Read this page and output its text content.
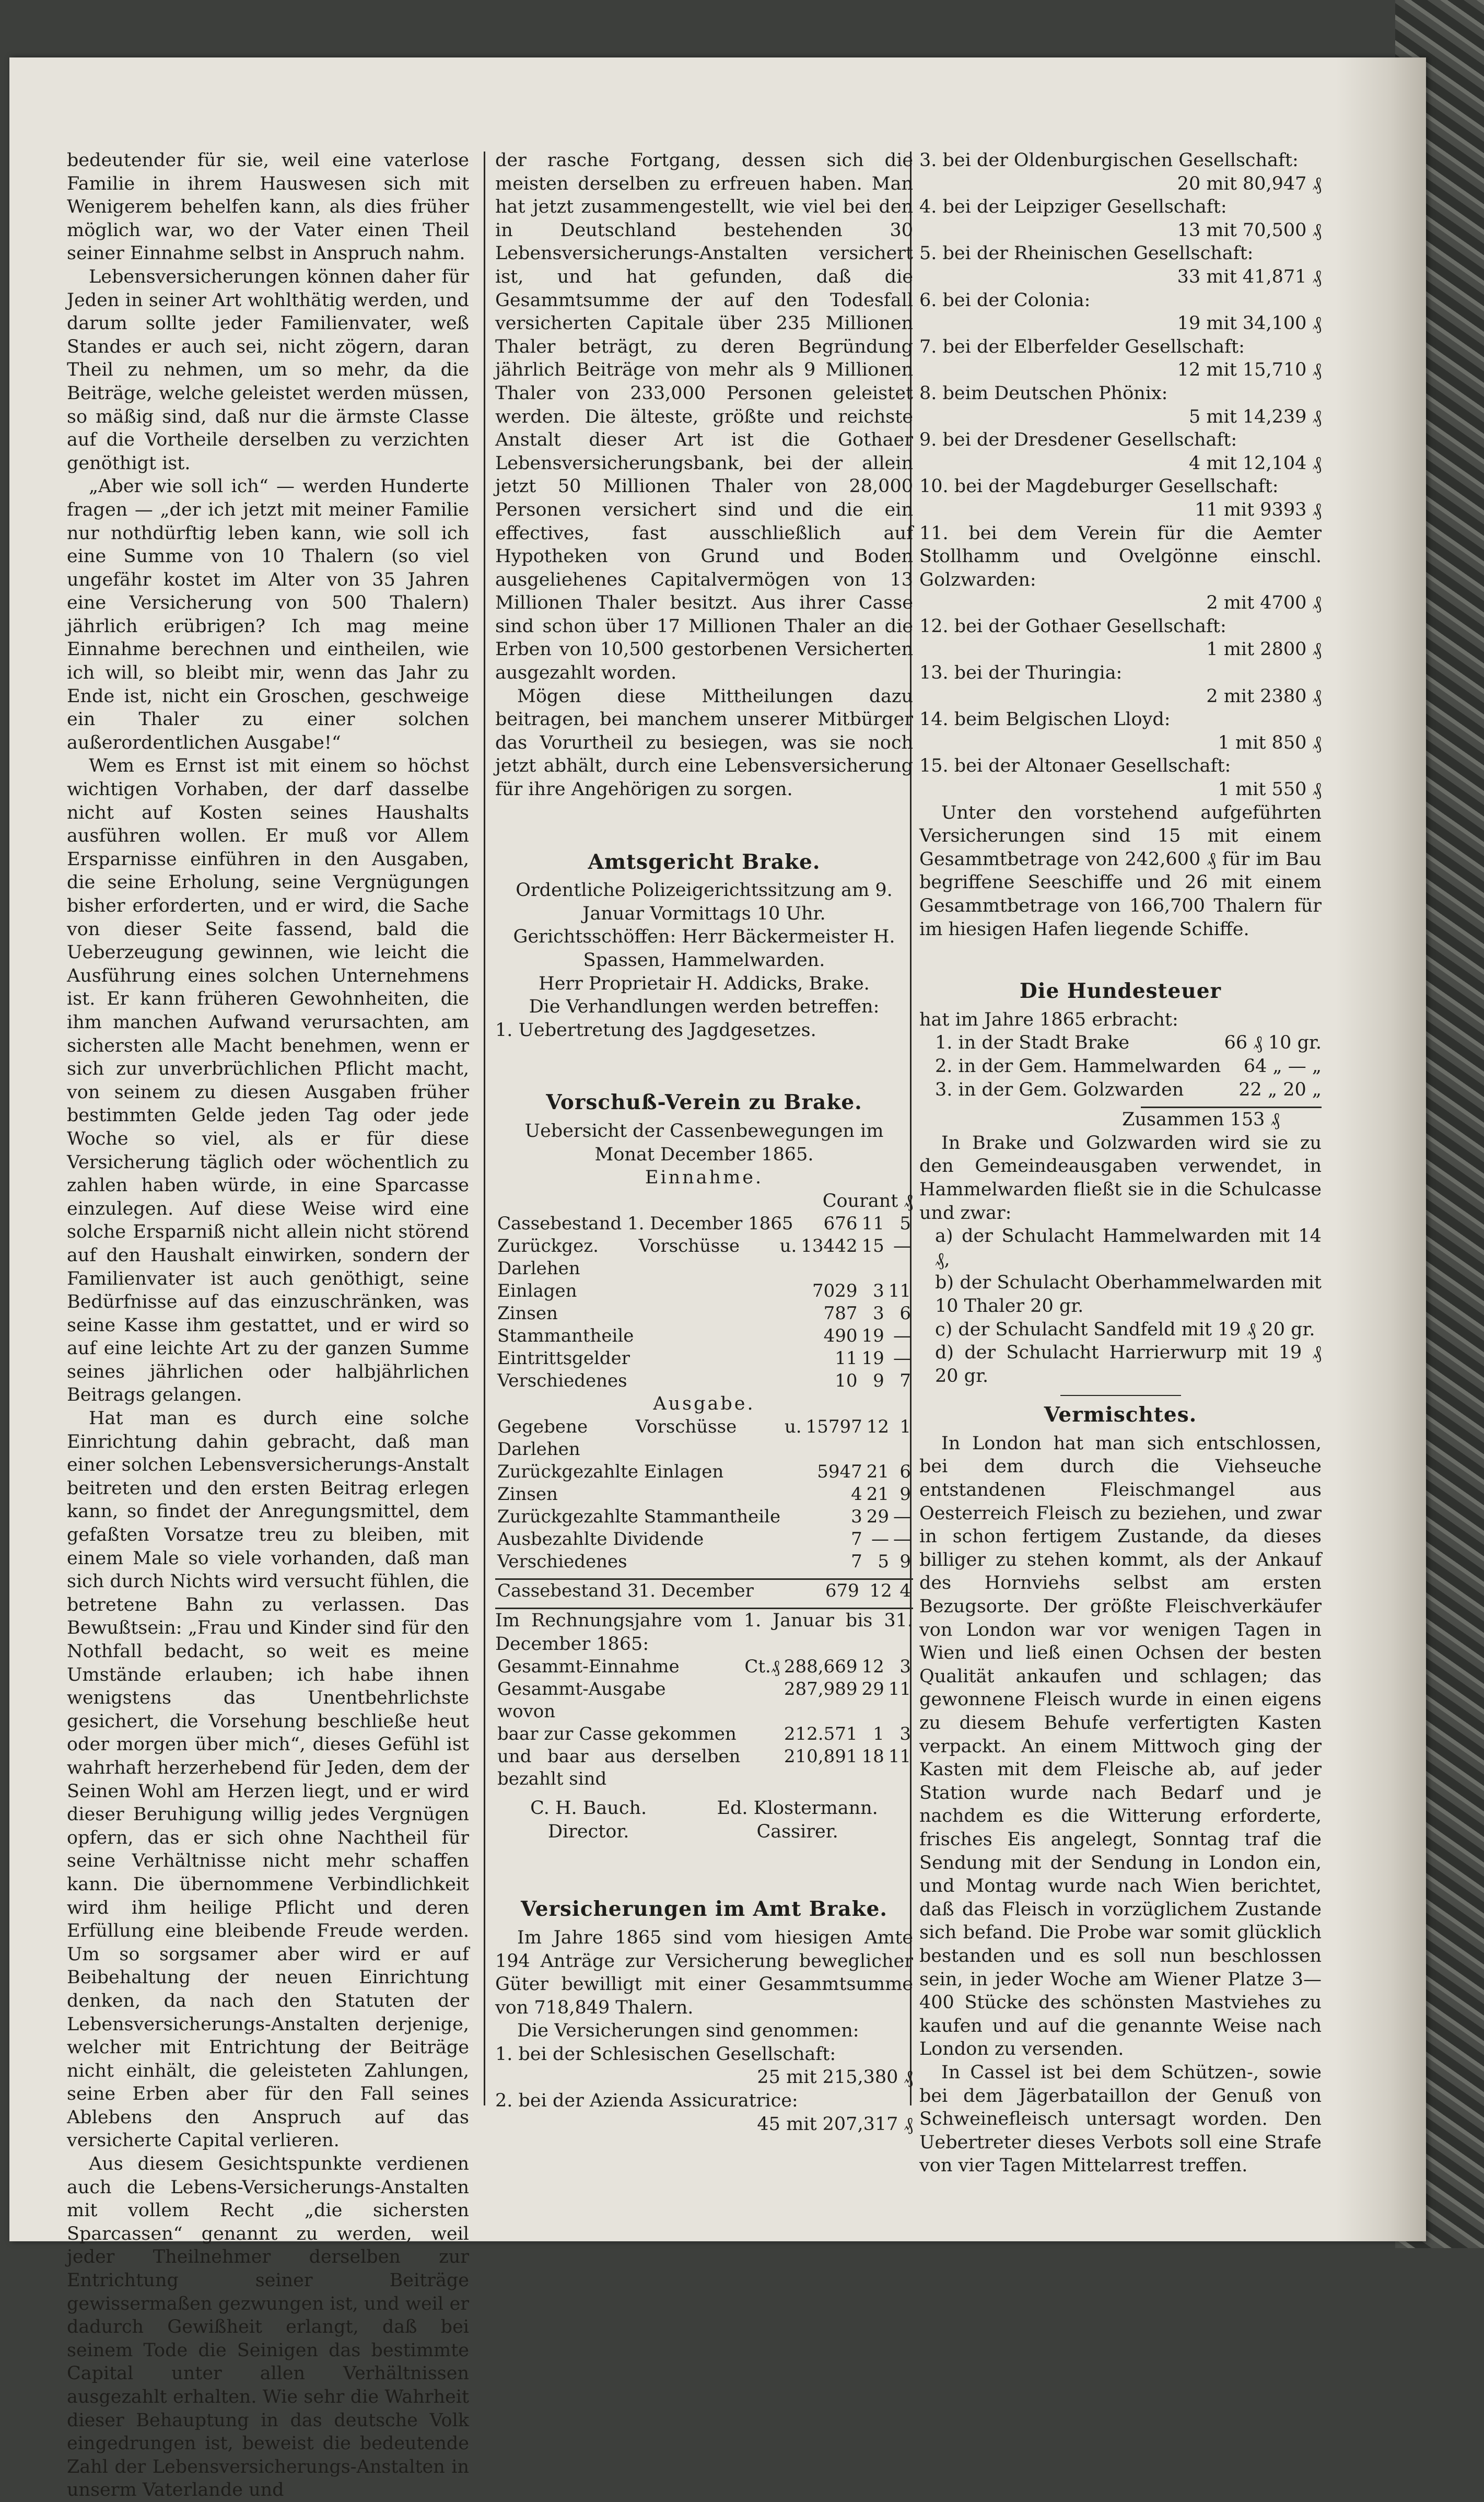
bedeutender für sie, weil eine vaterlose Familie in ihrem Hauswesen sich mit Wenigerem behelfen kann, als dies früher möglich war, wo der Vater einen Theil seiner Einnahme selbst in Anspruch nahm.

Lebensversicherungen können daher für Jeden in seiner Art wohlthätig werden, und darum sollte jeder Familienvater, weß Standes er auch sei, nicht zögern, daran Theil zu nehmen, um so mehr, da die Beiträge, welche geleistet werden müssen, so mäßig sind, daß nur die ärmste Classe auf die Vortheile derselben zu verzichten genöthigt ist.

„Aber wie soll ich“ — werden Hunderte fragen — „der ich jetzt mit meiner Familie nur nothdürftig leben kann, wie soll ich eine Summe von 10 Thalern (so viel ungefähr kostet im Alter von 35 Jahren eine Versicherung von 500 Thalern) jährlich erübrigen? Ich mag meine Einnahme berechnen und eintheilen, wie ich will, so bleibt mir, wenn das Jahr zu Ende ist, nicht ein Groschen, geschweige ein Thaler zu einer solchen außerordentlichen Ausgabe!“

Wem es Ernst ist mit einem so höchst wichtigen Vorhaben, der darf dasselbe nicht auf Kosten seines Haushalts ausführen wollen. Er muß vor Allem Ersparnisse einführen in den Ausgaben, die seine Erholung, seine Vergnügungen bisher erforderten, und er wird, die Sache von dieser Seite fassend, bald die Ueberzeugung gewinnen, wie leicht die Ausführung eines solchen Unternehmens ist. Er kann früheren Gewohnheiten, die ihm manchen Aufwand verursachten, am sichersten alle Macht benehmen, wenn er sich zur unverbrüchlichen Pflicht macht, von seinem zu diesen Ausgaben früher bestimmten Gelde jeden Tag oder jede Woche so viel, als er für diese Versicherung täglich oder wöchentlich zu zahlen haben würde, in eine Sparcasse einzulegen. Auf diese Weise wird eine solche Ersparniß nicht allein nicht störend auf den Haushalt einwirken, sondern der Familienvater ist auch genöthigt, seine Bedürfnisse auf das einzuschränken, was seine Kasse ihm gestattet, und er wird so auf eine leichte Art zu der ganzen Summe seines jährlichen oder halbjährlichen Beitrags gelangen.

Hat man es durch eine solche Einrichtung dahin gebracht, daß man einer solchen Lebensversicherungs-Anstalt beitreten und den ersten Beitrag erlegen kann, so findet der Anregungsmittel, dem gefaßten Vorsatze treu zu bleiben, mit einem Male so viele vorhanden, daß man sich durch Nichts wird versucht fühlen, die betretene Bahn zu verlassen. Das Bewußtsein: „Frau und Kinder sind für den Nothfall bedacht, so weit es meine Umstände erlauben; ich habe ihnen wenigstens das Unentbehrlichste gesichert, die Vorsehung beschließe heut oder morgen über mich“, dieses Gefühl ist wahrhaft herzerhebend für Jeden, dem der Seinen Wohl am Herzen liegt, und er wird dieser Beruhigung willig jedes Vergnügen opfern, das er sich ohne Nachtheil für seine Verhältnisse nicht mehr schaffen kann. Die übernommene Verbindlichkeit wird ihm heilige Pflicht und deren Erfüllung eine bleibende Freude werden. Um so sorgsamer aber wird er auf Beibehaltung der neuen Einrichtung denken, da nach den Statuten der Lebensversicherungs-Anstalten derjenige, welcher mit Entrichtung der Beiträge nicht einhält, die geleisteten Zahlungen, seine Erben aber für den Fall seines Ablebens den Anspruch auf das versicherte Capital verlieren.

Aus diesem Gesichtspunkte verdienen auch die Lebens-Versicherungs-Anstalten mit vollem Recht „die sichersten Sparcassen“ genannt zu werden, weil jeder Theilnehmer derselben zur Entrichtung seiner Beiträge gewissermaßen gezwungen ist, und weil er dadurch Gewißheit erlangt, daß bei seinem Tode die Seinigen das bestimmte Capital unter allen Verhältnissen ausgezahlt erhalten. Wie sehr die Wahrheit dieser Behauptung in das deutsche Volk eingedrungen ist, beweist die bedeutende Zahl der Lebensversicherungs-Anstalten in unserm Vaterlande und

der rasche Fortgang, dessen sich die meisten derselben zu erfreuen haben. Man hat jetzt zusammengestellt, wie viel bei den in Deutschland bestehenden 30 Lebensversicherungs-Anstalten versichert ist, und hat gefunden, daß die Gesammtsumme der auf den Todesfall versicherten Capitale über 235 Millionen Thaler beträgt, zu deren Begründung jährlich Beiträge von mehr als 9 Millionen Thaler von 233,000 Personen geleistet werden. Die älteste, größte und reichste Anstalt dieser Art ist die Gothaer Lebensversicherungsbank, bei der allein jetzt 50 Millionen Thaler von 28,000 Personen versichert sind und die ein effectives, fast ausschließlich auf Hypotheken von Grund und Boden ausgeliehenes Capitalvermögen von 13 Millionen Thaler besitzt. Aus ihrer Casse sind schon über 17 Millionen Thaler an die Erben von 10,500 gestorbenen Versicherten ausgezahlt worden.

Mögen diese Mittheilungen dazu beitragen, bei manchem unserer Mitbürger das Vorurtheil zu besiegen, was sie noch jetzt abhält, durch eine Lebensversicherung für ihre Angehörigen zu sorgen.

Amtsgericht Brake.

Ordentliche Polizeigerichtssitzung am 9. Januar Vormittags 10 Uhr.

Gerichtsschöffen: Herr Bäckermeister H. Spassen, Hammelwarden.

Herr Proprietair H. Addicks, Brake.

Die Verhandlungen werden betreffen:

1. Uebertretung des Jagdgesetzes.

Vorschuß-Verein zu Brake.

Uebersicht der Cassenbewegungen im Monat December 1865.

Einnahme.

Courant ₰
Cassebestand 1. December 1865	676	11	5
Zurückgez. Vorschüsse u. Darlehen	13442	15	—
Einlagen	7029	3	11
Zinsen	787	3	6
Stammantheile	490	19	—
Eintrittsgelder	11	19	—
Verschiedenes	10	9	7

Ausgabe.

Gegebene Vorschüsse u. Darlehen	15797	12	1
Zurückgezahlte Einlagen	5947	21	6
Zinsen	4	21	9
Zurückgezahlte Stammantheile	3	29	—
Ausbezahlte Dividende	7	—	—
Verschiedenes	7	5	9
Cassebestand 31. December	679	12	4

Im Rechnungsjahre vom 1. Januar bis 31. December 1865:

Gesammt-Einnahme	Ct.₰	288,669	12	3
Gesammt-Ausgabe		287,989	29	11
wovon				
baar zur Casse gekommen		212.571	1	3
und baar aus derselben bezahlt sind		210,891	18	11
C. H. Bauch.
Director.
Ed. Klostermann.
Cassirer.
Versicherungen im Amt Brake.

Im Jahre 1865 sind vom hiesigen Amte 194 Anträge zur Versicherung beweglicher Güter bewilligt mit einer Gesammtsumme von 718,849 Thalern.

Die Versicherungen sind genommen:

1. bei der Schlesischen Gesellschaft:
25 mit 215,380 ₰
2. bei der Azienda Assicuratrice:
45 mit 207,317 ₰
3. bei der Oldenburgischen Gesellschaft:
20 mit 80,947 ₰
4. bei der Leipziger Gesellschaft:
13 mit 70,500 ₰
5. bei der Rheinischen Gesellschaft:
33 mit 41,871 ₰
6. bei der Colonia:
19 mit 34,100 ₰
7. bei der Elberfelder Gesellschaft:
12 mit 15,710 ₰
8. beim Deutschen Phönix:
5 mit 14,239 ₰
9. bei der Dresdener Gesellschaft:
4 mit 12,104 ₰
10. bei der Magdeburger Gesellschaft:
11 mit 9393 ₰
11. bei dem Verein für die Aemter Stollhamm und Ovelgönne einschl. Golzwarden:
2 mit 4700 ₰
12. bei der Gothaer Gesellschaft:
1 mit 2800 ₰
13. bei der Thuringia:
2 mit 2380 ₰
14. beim Belgischen Lloyd:
1 mit 850 ₰
15. bei der Altonaer Gesellschaft:
1 mit 550 ₰

Unter den vorstehend aufgeführten Versicherungen sind 15 mit einem Gesammtbetrage von 242,600 ₰ für im Bau begriffene Seeschiffe und 26 mit einem Gesammtbetrage von 166,700 Thalern für im hiesigen Hafen liegende Schiffe.

Die Hundesteuer

hat im Jahre 1865 erbracht:

1. in der Stadt Brake	66 ₰ 10 gr.
2. in der Gem. Hammelwarden 64 „ — „
3. in der Gem. Golzwarden	22 „ 20 „
Zusammen 153 ₰

In Brake und Golzwarden wird sie zu den Gemeindeausgaben verwendet, in Hammelwarden fließt sie in die Schulcasse und zwar:

a) der Schulacht Hammelwarden mit 14 ₰,
b) der Schulacht Oberhammelwarden mit 10 Thaler 20 gr.
c) der Schulacht Sandfeld mit 19 ₰ 20 gr.
d) der Schulacht Harrierwurp mit 19 ₰ 20 gr.
Vermischtes.

In London hat man sich entschlossen, bei dem durch die Viehseuche entstandenen Fleischmangel aus Oesterreich Fleisch zu beziehen, und zwar in schon fertigem Zustande, da dieses billiger zu stehen kommt, als der Ankauf des Hornviehs selbst am ersten Bezugsorte. Der größte Fleischverkäufer von London war vor wenigen Tagen in Wien und ließ einen Ochsen der besten Qualität ankaufen und schlagen; das gewonnene Fleisch wurde in einen eigens zu diesem Behufe verfertigten Kasten verpackt. An einem Mittwoch ging der Kasten mit dem Fleische ab, auf jeder Station wurde nach Bedarf und je nachdem es die Witterung erforderte, frisches Eis angelegt, Sonntag traf die Sendung mit der Sendung in London ein, und Montag wurde nach Wien berichtet, daß das Fleisch in vorzüglichem Zustande sich befand. Die Probe war somit glücklich bestanden und es soll nun beschlossen sein, in jeder Woche am Wiener Platze 3—400 Stücke des schönsten Mastviehes zu kaufen und auf die genannte Weise nach London zu versenden.

In Cassel ist bei dem Schützen-, sowie bei dem Jägerbataillon der Genuß von Schweinefleisch untersagt worden. Den Uebertreter dieses Verbots soll eine Strafe von vier Tagen Mittelarrest treffen.
